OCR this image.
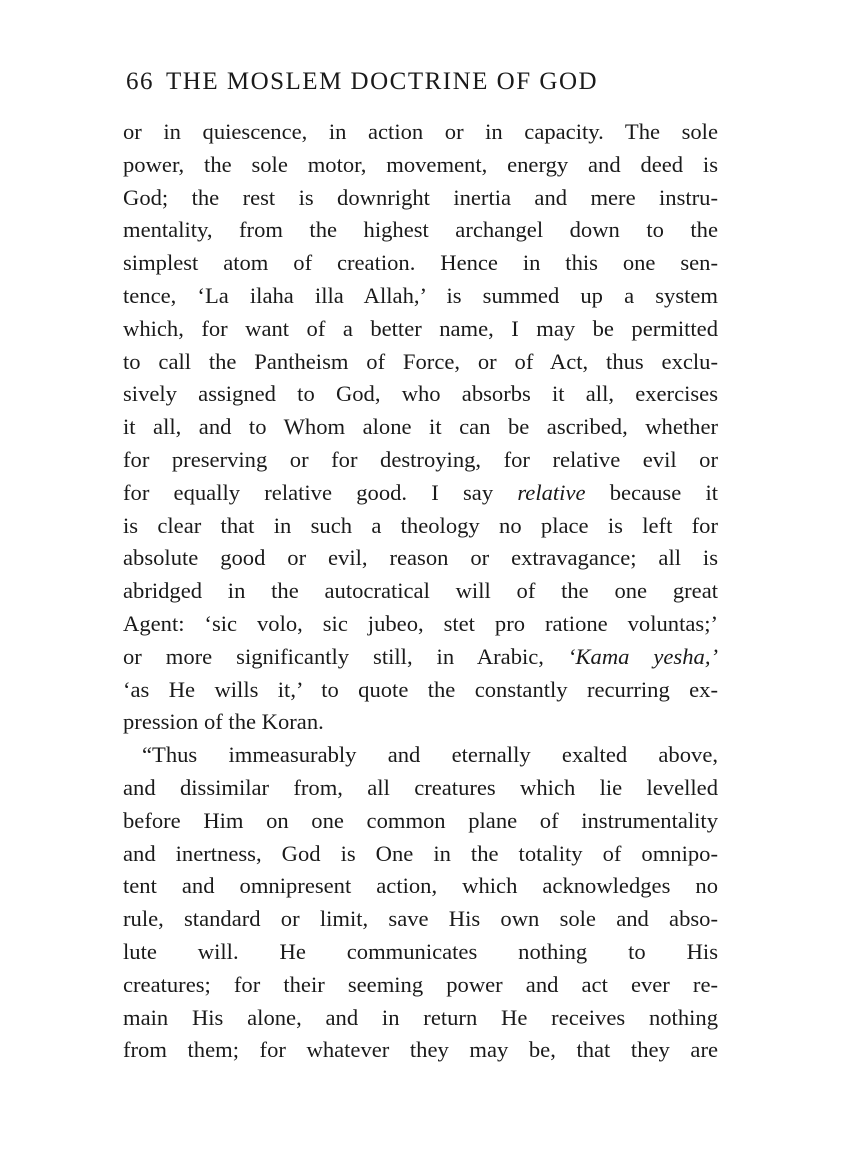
66 THE MOSLEM DOCTRINE OF GOD
or in quiescence, in action or in capacity. The sole
power, the sole motor, movement, energy and deed is
God; the rest is downright inertia and mere instru-
mentality, from the highest archangel down to the
simplest atom of creation. Hence in this one sen-
tence, ‘La ilaha illa Allah,’ is summed up a system
which, for want of a better name, I may be permitted
to call the Pantheism of Force, or of Act, thus exclu-
sively assigned to God, who absorbs it all, exercises
it all, and to Whom alone it can be ascribed, whether
for preserving or for destroying, for relative evil or
for equally relative good. I say relative because it
is clear that in such a theology no place is left for
absolute good or evil, reason or extravagance; all is
abridged in the autocratical will of the one great
Agent: ‘sic volo, sic jubeo, stet pro ratione voluntas;’
or more significantly still, in Arabic, ‘Kama yesha,’
‘as He wills it,’ to quote the constantly recurring ex-
pression of the Koran.
“Thus immeasurably and eternally exalted above,
and dissimilar from, all creatures which lie levelled
before Him on one common plane of instrumentality
and inertness, God is One in the totality of omnipo-
tent and omnipresent action, which acknowledges no
rule, standard or limit, save His own sole and abso-
lute will. He communicates nothing to His
creatures; for their seeming power and act ever re-
main His alone, and in return He receives nothing
from them; for whatever they may be, that they are
